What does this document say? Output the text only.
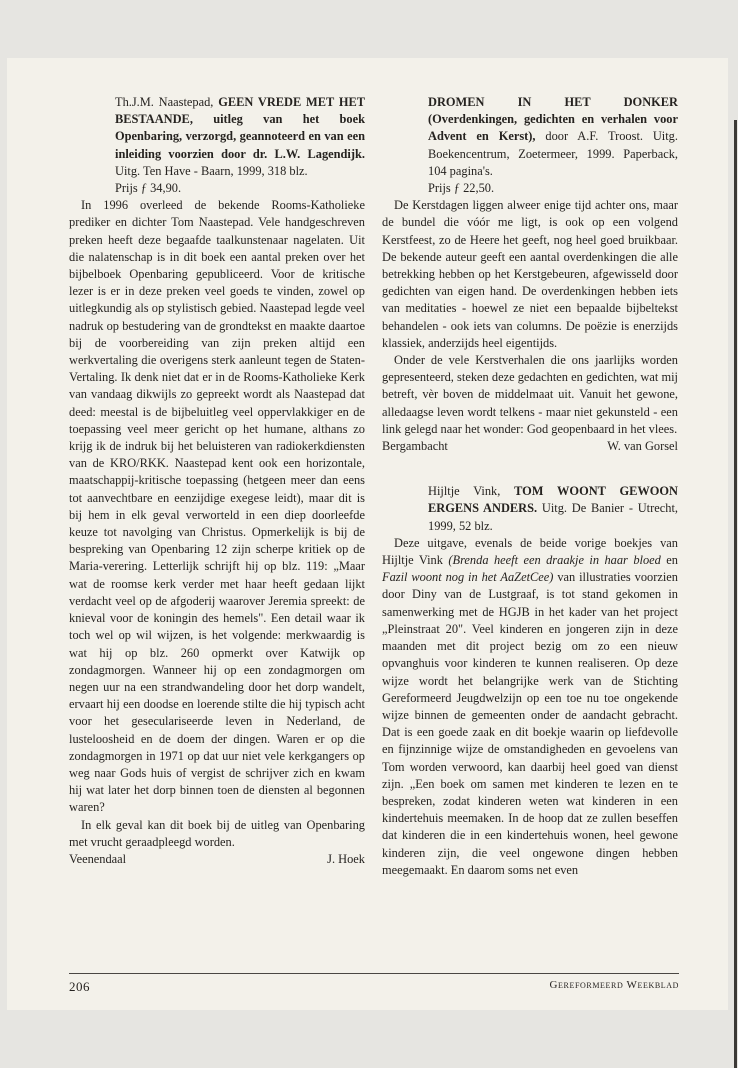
Th.J.M. Naastepad, GEEN VREDE MET HET BESTAANDE, uitleg van het boek Openbaring, verzorgd, geannoteerd en van een inleiding voorzien door dr. L.W. Lagendijk. Uitg. Ten Have - Baarn, 1999, 318 blz.

Prijs ƒ 34,90.

In 1996 overleed de bekende Rooms-Katholieke prediker en dichter Tom Naastepad. Vele handgeschreven preken heeft deze begaafde taalkunstenaar nagelaten. Uit die nalatenschap is in dit boek een aantal preken over het bijbelboek Openbaring gepubliceerd. Voor de kritische lezer is er in deze preken veel goeds te vinden, zowel op uitlegkundig als op stylistisch gebied. Naastepad legde veel nadruk op bestudering van de grondtekst en maakte daartoe bij de voorbereiding van zijn preken altijd een werkvertaling die overigens sterk aanleunt tegen de Staten-Vertaling. Ik denk niet dat er in de Rooms-Katholieke Kerk van vandaag dikwijls zo gepreekt wordt als Naastepad dat deed: meestal is de bijbeluitleg veel oppervlakkiger en de toepassing veel meer gericht op het humane, althans zo krijg ik de indruk bij het beluisteren van radiokerkdiensten van de KRO/RKK. Naastepad kent ook een horizontale, maatschappij-kritische toepassing (hetgeen meer dan eens tot aanvechtbare en eenzijdige exegese leidt), maar dit is bij hem in elk geval verworteld in een diep doorleefde keuze tot navolging van Christus. Opmerkelijk is bij de bespreking van Openbaring 12 zijn scherpe kritiek op de Maria-verering. Letterlijk schrijft hij op blz. 119: „Maar wat de roomse kerk verder met haar heeft gedaan lijkt verdacht veel op de afgoderij waarover Jeremia spreekt: de knieval voor de koningin des hemels". Een detail waar ik toch wel op wil wijzen, is het volgende: merkwaardig is wat hij op blz. 260 opmerkt over Katwijk op zondagmorgen. Wanneer hij op een zondagmorgen om negen uur na een strandwandeling door het dorp wandelt, ervaart hij een doodse en loerende stilte die hij typisch acht voor het geseculariseerde leven in Nederland, de lusteloosheid en de doem der dingen. Waren er op die zondagmorgen in 1971 op dat uur niet vele kerkgangers op weg naar Gods huis of vergist de schrijver zich en kwam hij wat later het dorp binnen toen de diensten al begonnen waren?

In elk geval kan dit boek bij de uitleg van Openbaring met vrucht geraadpleegd worden.

Veenendaal	J. Hoek

DROMEN IN HET DONKER (Overdenkingen, gedichten en verhalen voor Advent en Kerst), door A.F. Troost. Uitg. Boekencentrum, Zoetermeer, 1999. Paperback, 104 pagina's.

Prijs ƒ 22,50.

De Kerstdagen liggen alweer enige tijd achter ons, maar de bundel die vóór me ligt, is ook op een volgend Kerstfeest, zo de Heere het geeft, nog heel goed bruikbaar. De bekende auteur geeft een aantal overdenkingen die alle betrekking hebben op het Kerstgebeuren, afgewisseld door gedichten van eigen hand. De overdenkingen hebben iets van meditaties - hoewel ze niet een bepaalde bijbeltekst behandelen - ook iets van columns. De poëzie is enerzijds klassiek, anderzijds heel eigentijds.

Onder de vele Kerstverhalen die ons jaarlijks worden gepresenteerd, steken deze gedachten en gedichten, wat mij betreft, vèr boven de middelmaat uit. Vanuit het gewone, alledaagse leven wordt telkens - maar niet gekunsteld - een link gelegd naar het wonder: God geopenbaard in het vlees.

Bergambacht	W. van Gorsel

Hijltje Vink, TOM WOONT GEWOON ERGENS ANDERS. Uitg. De Banier - Utrecht, 1999, 52 blz.

Deze uitgave, evenals de beide vorige boekjes van Hijltje Vink (Brenda heeft een draakje in haar bloed en Fazil woont nog in het AaZetCee) van illustraties voorzien door Diny van de Lustgraaf, is tot stand gekomen in samenwerking met de HGJB in het kader van het project „Pleinstraat 20". Veel kinderen en jongeren zijn in deze maanden met dit project bezig om zo een nieuw opvanghuis voor kinderen te kunnen realiseren. Op deze wijze wordt het belangrijke werk van de Stichting Gereformeerd Jeugdwelzijn op een toe nu toe ongekende wijze binnen de gemeenten onder de aandacht gebracht. Dat is een goede zaak en dit boekje waarin op liefdevolle en fijnzinnige wijze de omstandigheden en gevoelens van Tom worden verwoord, kan daarbij heel goed van dienst zijn. „Een boek om samen met kinderen te lezen en te bespreken, zodat kinderen weten wat kinderen in een kindertehuis meemaken. In de hoop dat ze zullen beseffen dat kinderen die in een kindertehuis wonen, heel gewone kinderen zijn, die veel ongewone dingen hebben meegemaakt. En daarom soms net even

206	Gereformeerd Weekblad
